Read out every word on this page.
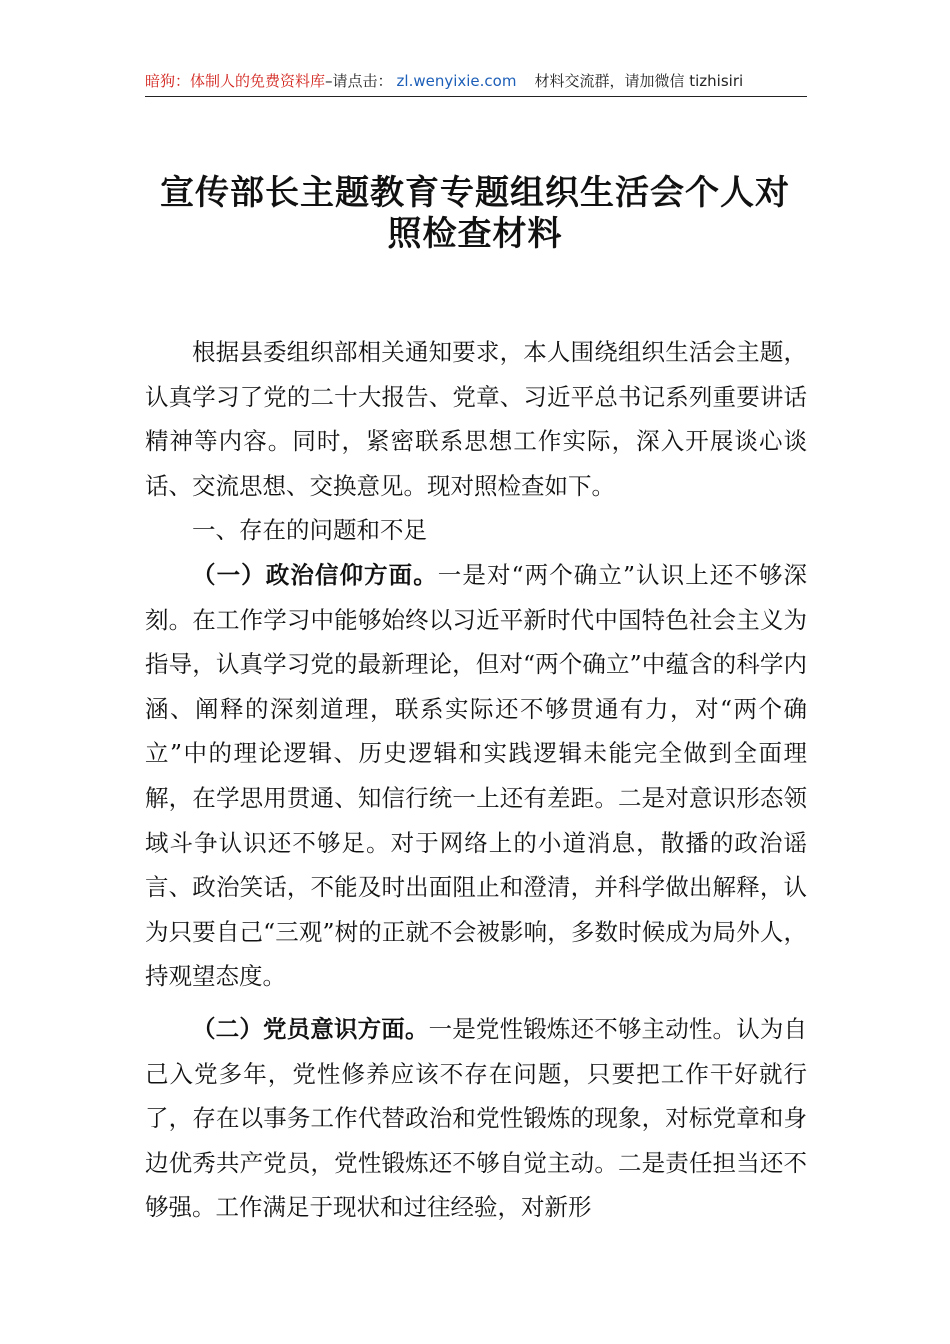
暗狗：体制人的免费资料库 –请点击： zl.wenyixie.com 材料交流群，请加微信 tizhisiri
宣传部长主题教育专题组织生活会个人对
照检查材料

根据县委组织部相关通知要求，本人围绕组织生活会主题，认真学习了党的二十大报告、党章、习近平总书记系列重要讲话精神等内容。同时，紧密联系思想工作实际，深入开展谈心谈话、交流思想、交换意见。现对照检查如下。

一、存在的问题和不足

（一）政治信仰方面。一是对“两个确立”认识上还不够深刻。在工作学习中能够始终以习近平新时代中国特色社会主义为指导，认真学习党的最新理论，但对“两个确立”中蕴含的科学内涵、阐释的深刻道理，联系实际还不够贯通有力，对“两个确立”中的理论逻辑、历史逻辑和实践逻辑未能完全做到全面理解，在学思用贯通、知信行统一上还有差距。二是对意识形态领域斗争认识还不够足。对于网络上的小道消息，散播的政治谣言、政治笑话，不能及时出面阻止和澄清，并科学做出解释，认为只要自己“三观”树的正就不会被影响，多数时候成为局外人，持观望态度。

（二）党员意识方面。一是党性锻炼还不够主动性。认为自己入党多年，党性修养应该不存在问题，只要把工作干好就行了，存在以事务工作代替政治和党性锻炼的现象，对标党章和身边优秀共产党员，党性锻炼还不够自觉主动。二是责任担当还不够强。工作满足于现状和过往经验，对新形
